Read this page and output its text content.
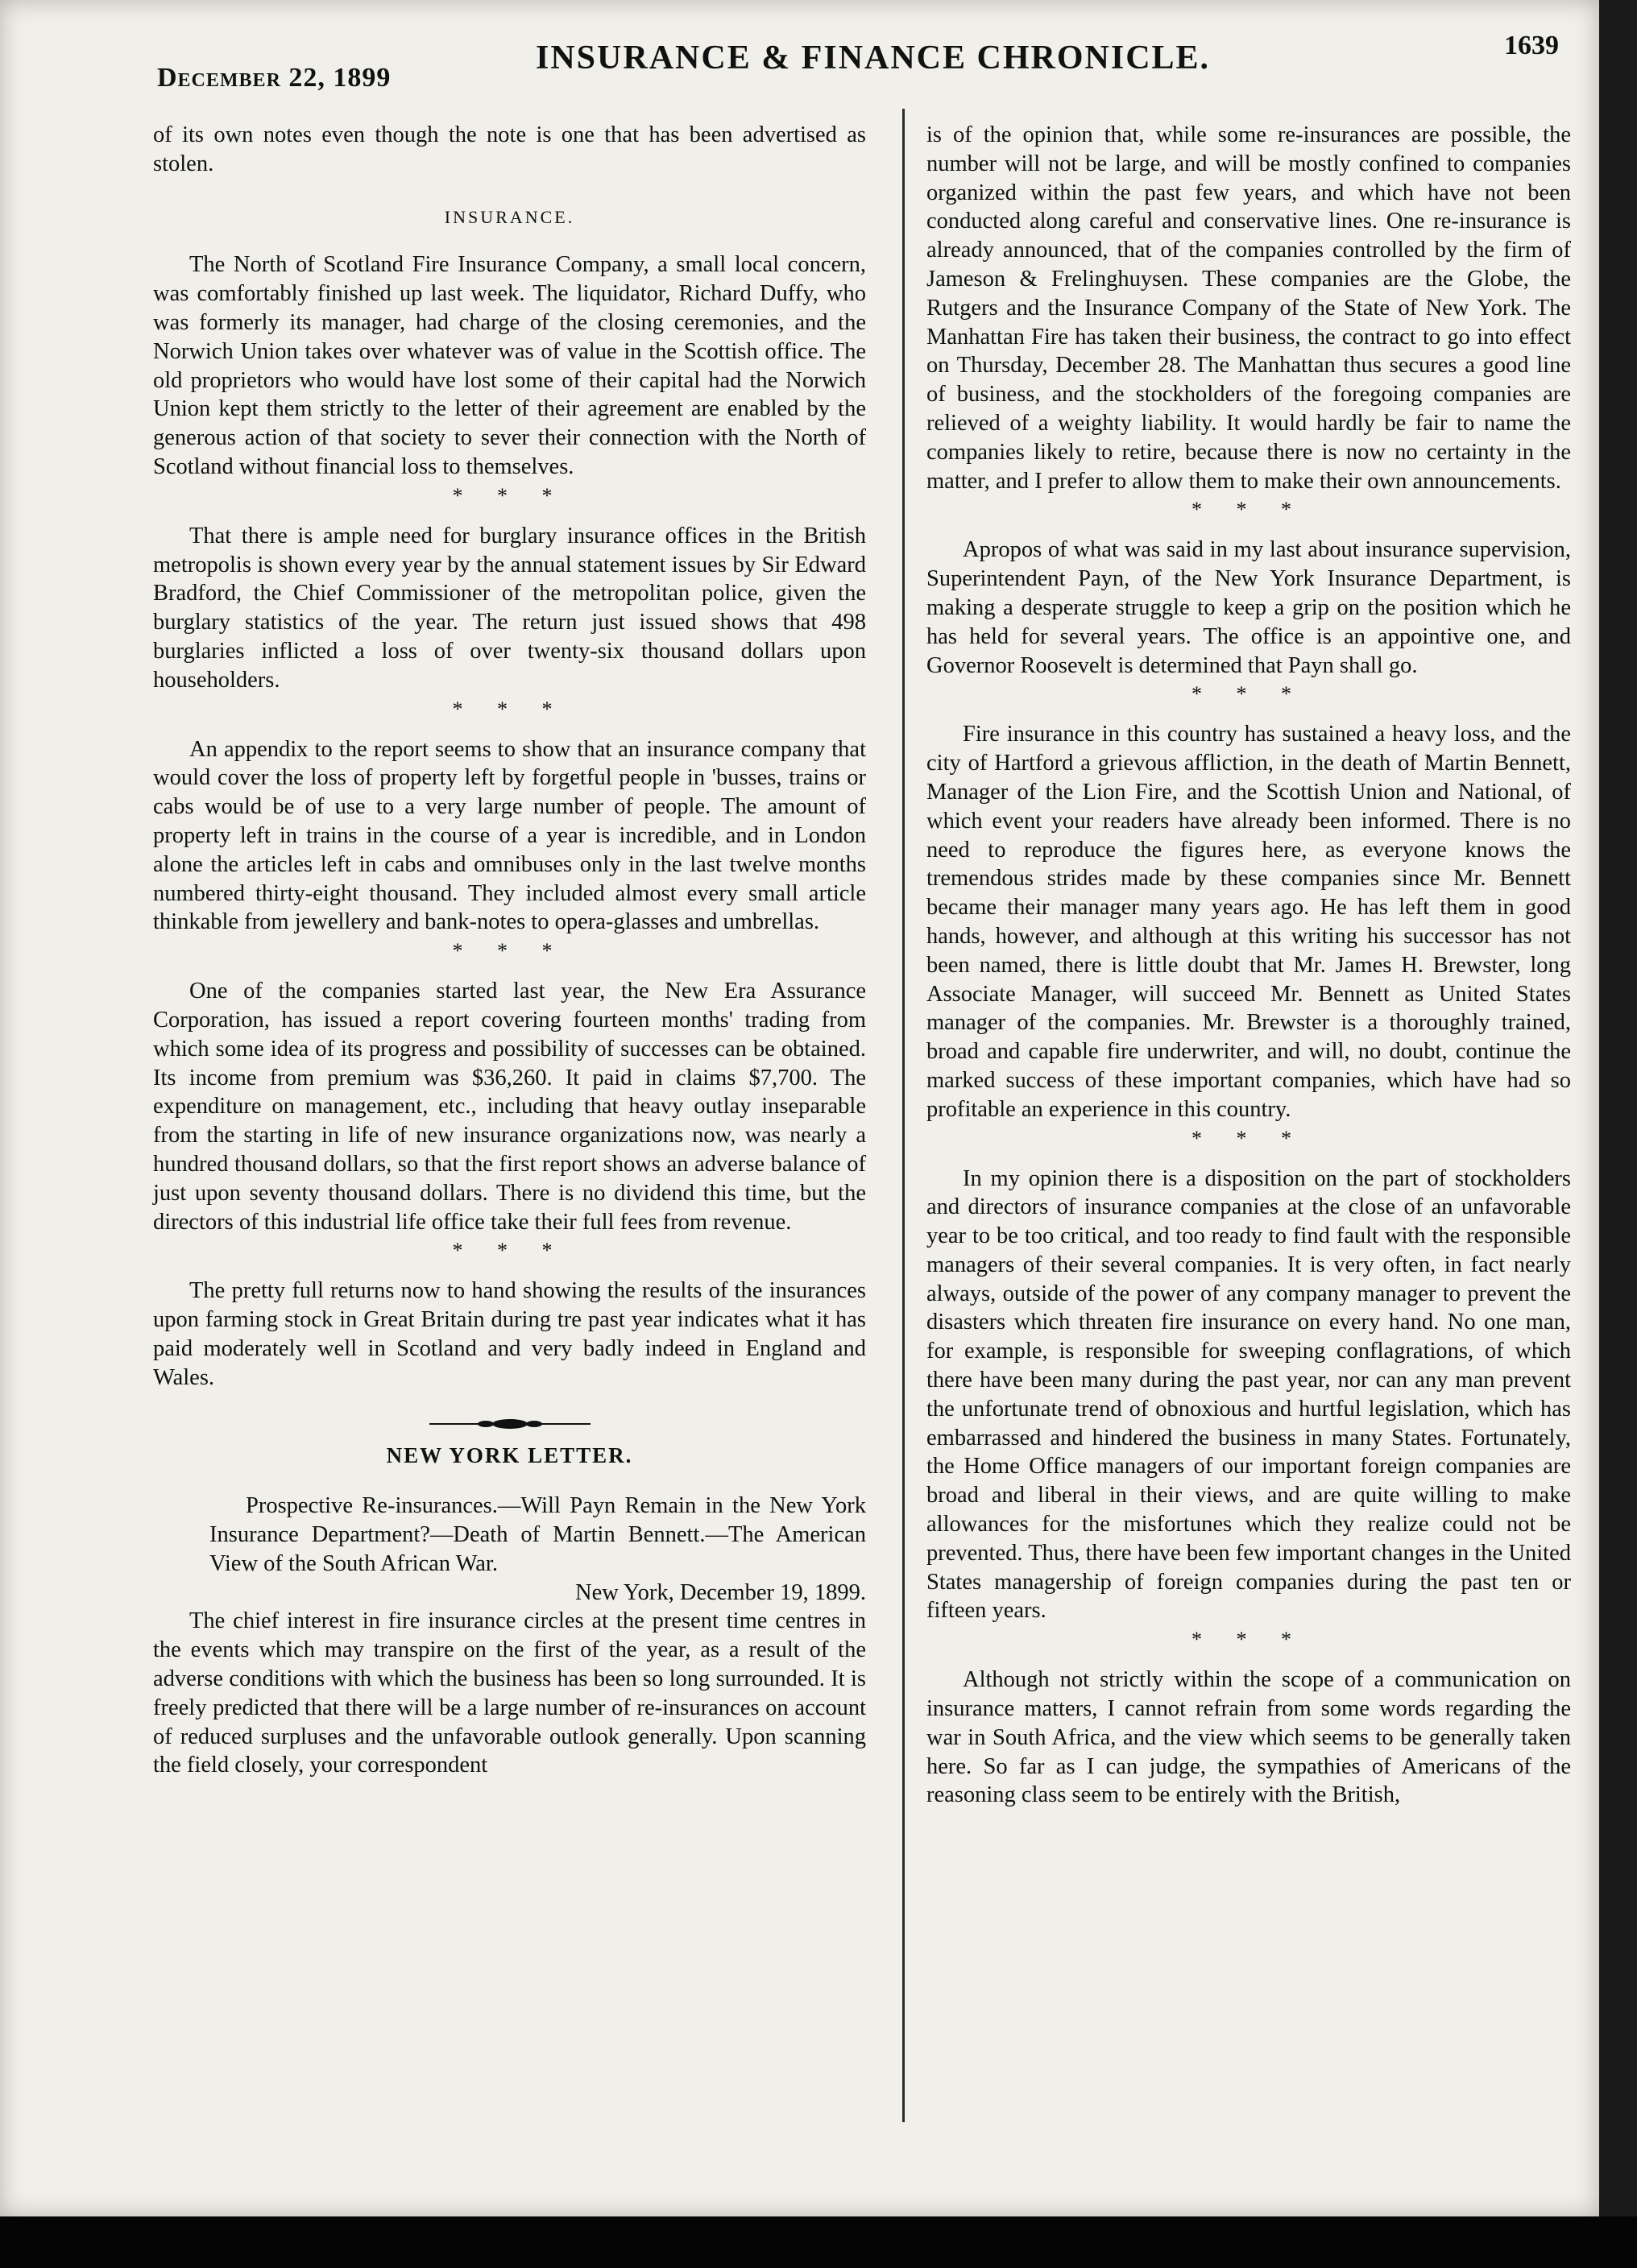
December 22, 1899
INSURANCE & FINANCE CHRONICLE.	1639

of its own notes even though the note is one that has been advertised as stolen.

INSURANCE.

The North of Scotland Fire Insurance Company, a small local concern, was comfortably finished up last week. The liquidator, Richard Duffy, who was formerly its manager, had charge of the closing ceremonies, and the Norwich Union takes over whatever was of value in the Scottish office. The old proprietors who would have lost some of their capital had the Norwich Union kept them strictly to the letter of their agreement are enabled by the generous action of that society to sever their connection with the North of Scotland without financial loss to themselves.

* * *

That there is ample need for burglary insurance offices in the British metropolis is shown every year by the annual statement issues by Sir Edward Bradford, the Chief Commissioner of the metropolitan police, given the burglary statistics of the year. The return just issued shows that 498 burglaries inflicted a loss of over twenty-six thousand dollars upon householders.

* * *

An appendix to the report seems to show that an insurance company that would cover the loss of property left by forgetful people in 'busses, trains or cabs would be of use to a very large number of people. The amount of property left in trains in the course of a year is incredible, and in London alone the articles left in cabs and omnibuses only in the last twelve months numbered thirty-eight thousand. They included almost every small article thinkable from jewellery and bank-notes to opera-glasses and umbrellas.

* * *

One of the companies started last year, the New Era Assurance Corporation, has issued a report covering fourteen months' trading from which some idea of its progress and possibility of successes can be obtained. Its income from premium was $36,260. It paid in claims $7,700. The expenditure on management, etc., including that heavy outlay inseparable from the starting in life of new insurance organizations now, was nearly a hundred thousand dollars, so that the first report shows an adverse balance of just upon seventy thousand dollars. There is no dividend this time, but the directors of this industrial life office take their full fees from revenue.

* * *

The pretty full returns now to hand showing the results of the insurances upon farming stock in Great Britain during tre past year indicates what it has paid moderately well in Scotland and very badly indeed in England and Wales.

NEW YORK LETTER.

Prospective Re-insurances.—Will Payn Remain in the New York Insurance Department?—Death of Martin Bennett.—The American View of the South African War.

New York, December 19, 1899.

The chief interest in fire insurance circles at the present time centres in the events which may transpire on the first of the year, as a result of the adverse conditions with which the business has been so long surrounded. It is freely predicted that there will be a large number of re-insurances on account of reduced surpluses and the unfavorable outlook generally. Upon scanning the field closely, your correspondent

is of the opinion that, while some re-insurances are possible, the number will not be large, and will be mostly confined to companies organized within the past few years, and which have not been conducted along careful and conservative lines. One re-insurance is already announced, that of the companies controlled by the firm of Jameson & Frelinghuysen. These companies are the Globe, the Rutgers and the Insurance Company of the State of New York. The Manhattan Fire has taken their business, the contract to go into effect on Thursday, December 28. The Manhattan thus secures a good line of business, and the stockholders of the foregoing companies are relieved of a weighty liability. It would hardly be fair to name the companies likely to retire, because there is now no certainty in the matter, and I prefer to allow them to make their own announcements.

* * *

Apropos of what was said in my last about insurance supervision, Superintendent Payn, of the New York Insurance Department, is making a desperate struggle to keep a grip on the position which he has held for several years. The office is an appointive one, and Governor Roosevelt is determined that Payn shall go.

* * *

Fire insurance in this country has sustained a heavy loss, and the city of Hartford a grievous affliction, in the death of Martin Bennett, Manager of the Lion Fire, and the Scottish Union and National, of which event your readers have already been informed. There is no need to reproduce the figures here, as everyone knows the tremendous strides made by these companies since Mr. Bennett became their manager many years ago. He has left them in good hands, however, and although at this writing his successor has not been named, there is little doubt that Mr. James H. Brewster, long Associate Manager, will succeed Mr. Bennett as United States manager of the companies. Mr. Brewster is a thoroughly trained, broad and capable fire underwriter, and will, no doubt, continue the marked success of these important companies, which have had so profitable an experience in this country.

* * *

In my opinion there is a disposition on the part of stockholders and directors of insurance companies at the close of an unfavorable year to be too critical, and too ready to find fault with the responsible managers of their several companies. It is very often, in fact nearly always, outside of the power of any company manager to prevent the disasters which threaten fire insurance on every hand. No one man, for example, is responsible for sweeping conflagrations, of which there have been many during the past year, nor can any man prevent the unfortunate trend of obnoxious and hurtful legislation, which has embarrassed and hindered the business in many States. Fortunately, the Home Office managers of our important foreign companies are broad and liberal in their views, and are quite willing to make allowances for the misfortunes which they realize could not be prevented. Thus, there have been few important changes in the United States managership of foreign companies during the past ten or fifteen years.

* * *

Although not strictly within the scope of a communication on insurance matters, I cannot refrain from some words regarding the war in South Africa, and the view which seems to be generally taken here. So far as I can judge, the sympathies of Americans of the reasoning class seem to be entirely with the British,
